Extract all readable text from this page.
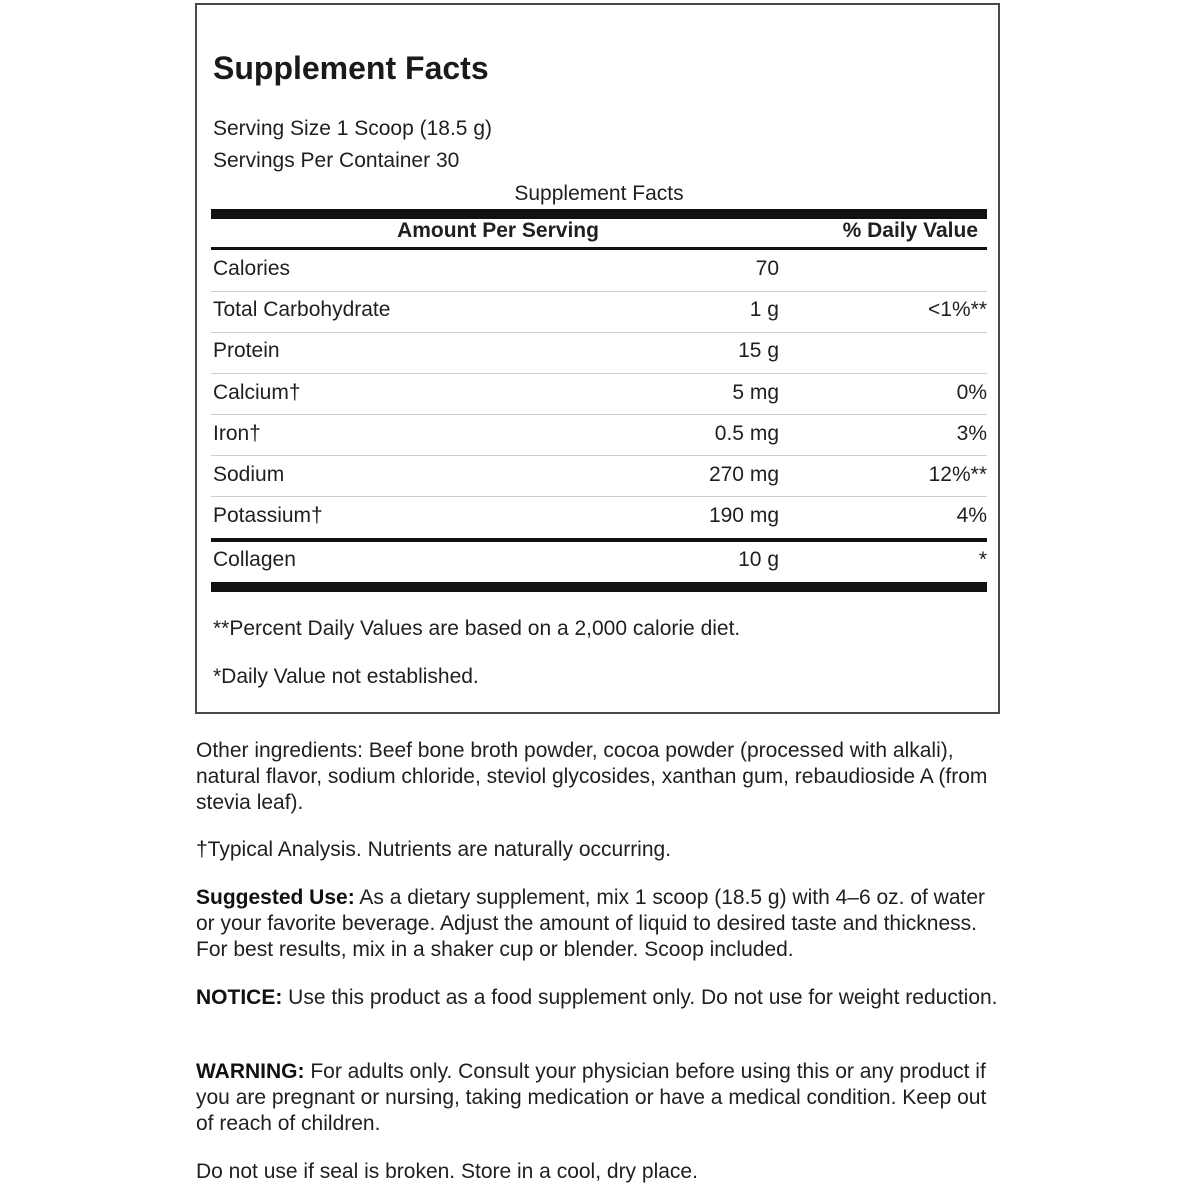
Supplement Facts
Serving Size 1 Scoop (18.5 g)
Servings Per Container 30
Supplement Facts
Amount Per Serving	% Daily Value
Calories	70
Total Carbohydrate	1 g	<1%**
Protein	15 g
Calcium†	5 mg	0%
Iron†	0.5 mg	3%
Sodium	270 mg	12%**
Potassium†	190 mg	4%
Collagen	10 g	*
**Percent Daily Values are based on a 2,000 calorie diet.
*Daily Value not established.
Other ingredients: Beef bone broth powder, cocoa powder (processed with alkali), natural flavor, sodium chloride, steviol glycosides, xanthan gum, rebaudioside A (from stevia leaf).
†Typical Analysis. Nutrients are naturally occurring.
Suggested Use: As a dietary supplement, mix 1 scoop (18.5 g) with 4–6 oz. of water or your favorite beverage. Adjust the amount of liquid to desired taste and thickness. For best results, mix in a shaker cup or blender. Scoop included.
NOTICE: Use this product as a food supplement only. Do not use for weight reduction.
WARNING: For adults only. Consult your physician before using this or any product if you are pregnant or nursing, taking medication or have a medical condition. Keep out of reach of children.
Do not use if seal is broken. Store in a cool, dry place.
